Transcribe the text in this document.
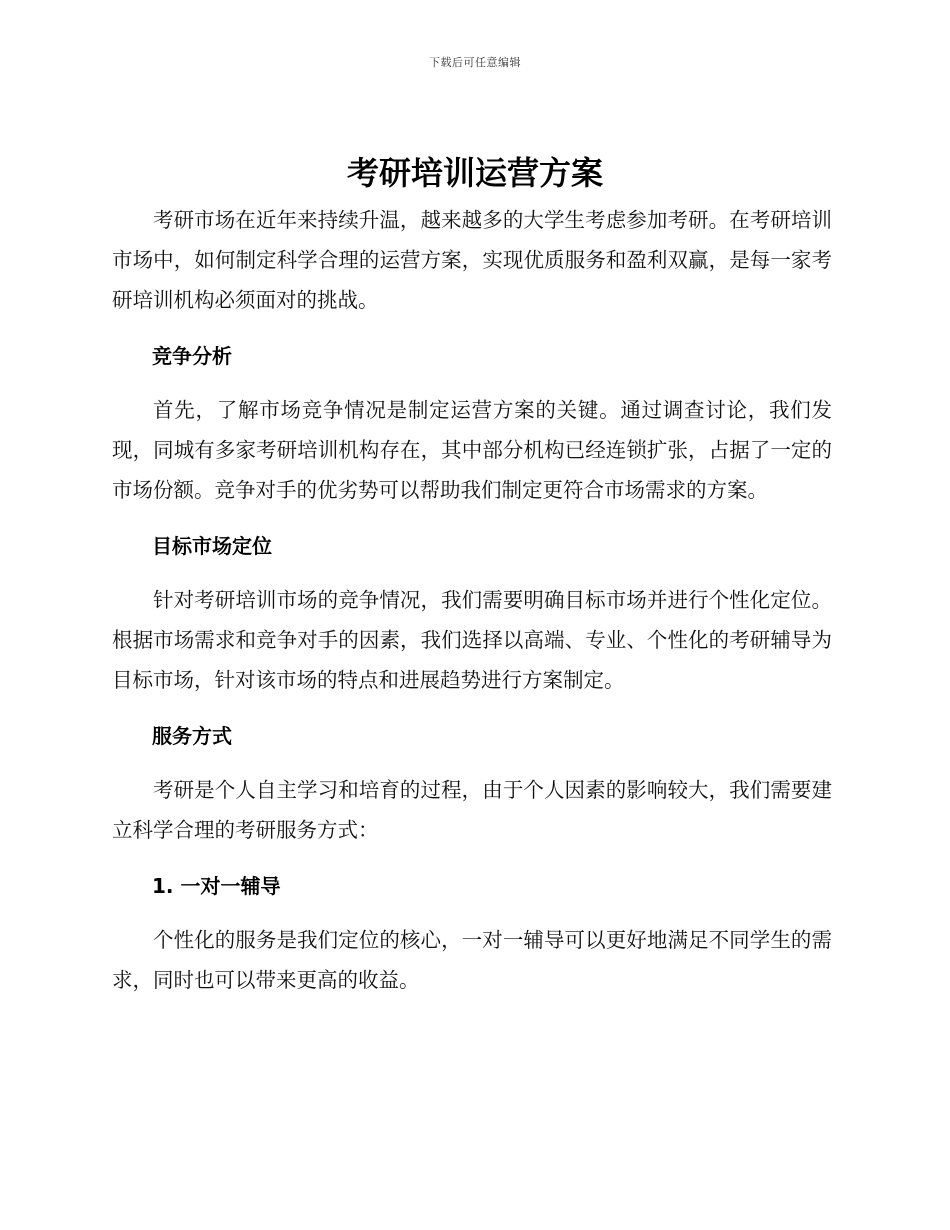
下载后可任意编辑
考研培训运营方案

考研市场在近年来持续升温，越来越多的大学生考虑参加考研。在考研培训市场中，如何制定科学合理的运营方案，实现优质服务和盈利双赢，是每一家考研培训机构必须面对的挑战。

竞争分析

首先，了解市场竞争情况是制定运营方案的关键。通过调查讨论，我们发现，同城有多家考研培训机构存在，其中部分机构已经连锁扩张，占据了一定的市场份额。竞争对手的优劣势可以帮助我们制定更符合市场需求的方案。

目标市场定位

针对考研培训市场的竞争情况，我们需要明确目标市场并进行个性化定位。根据市场需求和竞争对手的因素，我们选择以高端、专业、个性化的考研辅导为目标市场，针对该市场的特点和进展趋势进行方案制定。

服务方式

考研是个人自主学习和培育的过程，由于个人因素的影响较大，我们需要建立科学合理的考研服务方式：

1. 一对一辅导

个性化的服务是我们定位的核心，一对一辅导可以更好地满足不同学生的需求，同时也可以带来更高的收益。
